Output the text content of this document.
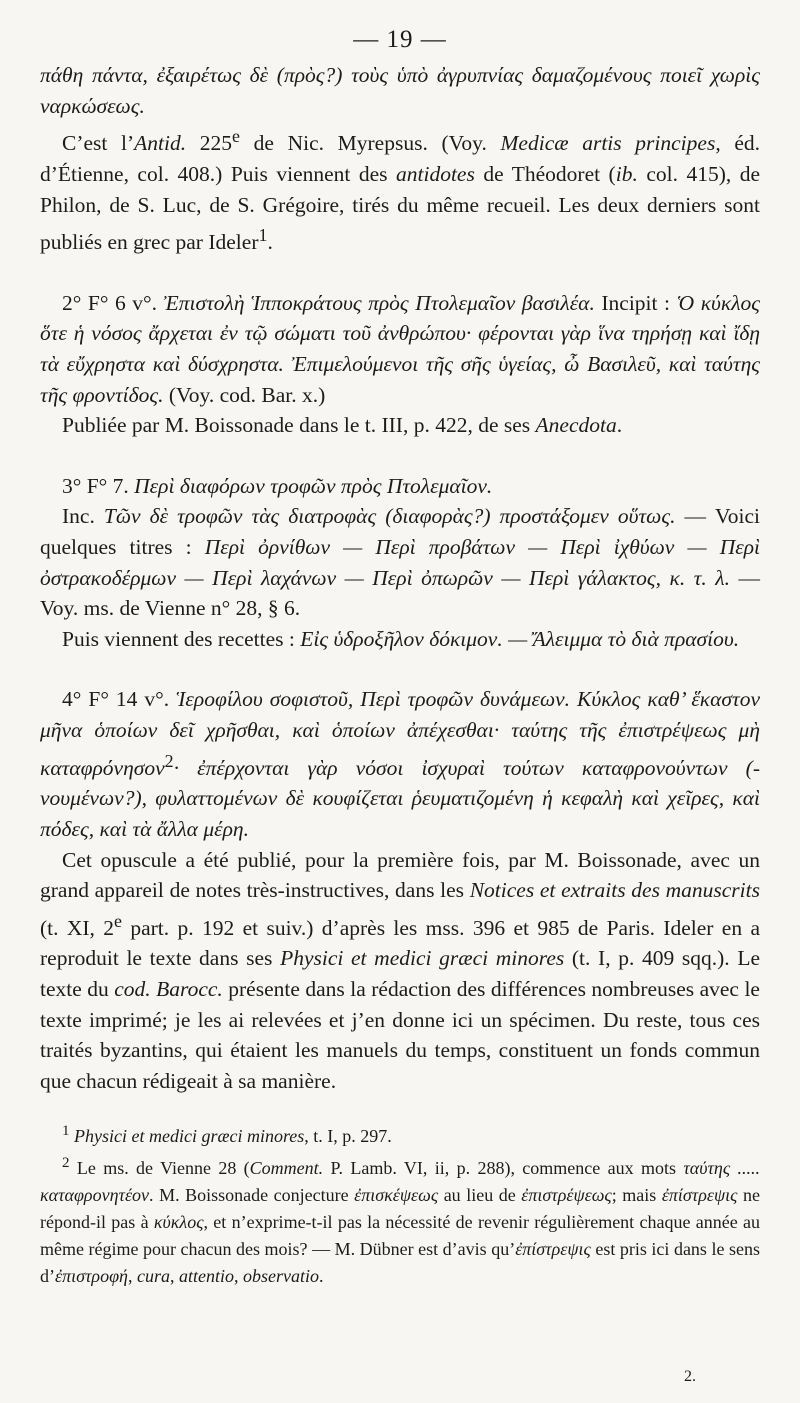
— 19 —

πάθη πάντα, ἐξαιρέτως δὲ (πρὸς?) τοὺς ὑπὸ ἀγρυπνίας δαμαζομένους ποιεῖ χωρὶς ναρκώσεως.

C’est l’Antid. 225e de Nic. Myrepsus. (Voy. Medicæ artis principes, éd. d’Étienne, col. 408.) Puis viennent des antidotes de Théodoret (ib. col. 415), de Philon, de S. Luc, de S. Grégoire, tirés du même recueil. Les deux derniers sont publiés en grec par Ideler$^1$.

2° F° 6 v°. Ἐπιστολὴ Ἱπποκράτους πρὸς Πτολεμαῖον βασιλέα. Incipit : Ὁ κύκλος ὅτε ἡ νόσος ἄρχεται ἐν τῷ σώματι τοῦ ἀνθρώπου· φέρονται γὰρ ἵνα τηρήσῃ καὶ ἴδῃ τὰ εὔχρηστα καὶ δύσχρηστα. Ἐπιμελούμενοι τῆς σῆς ὑγείας, ὦ Βασιλεῦ, καὶ ταύτης τῆς φροντίδος. (Voy. cod. Bar. x.)

Publiée par M. Boissonade dans le t. III, p. 422, de ses Anecdota.

3° F° 7. Περὶ διαφόρων τροφῶν πρὸς Πτολεμαῖον.

Inc. Τῶν δὲ τροφῶν τὰς διατροφὰς (διαφορὰς?) προστάξομεν οὕτως. — Voici quelques titres : Περὶ ὀρνίθων — Περὶ προβάτων — Περὶ ἰχθύων — Περὶ ὀστρακοδέρμων — Περὶ λαχάνων — Περὶ ὀπωρῶν — Περὶ γάλακτος, κ. τ. λ. — Voy. ms. de Vienne n° 28, § 6.

Puis viennent des recettes : Εἰς ὑδροξῆλον δόκιμον. — Ἄλειμμα τὸ διὰ πρασίου.

4° F° 14 v°. Ἱεροφίλου σοφιστοῦ, Περὶ τροφῶν δυνάμεων. Κύκλος καθ’ ἕκαστον μῆνα ὁποίων δεῖ χρῆσθαι, καὶ ὁποίων ἀπέχεσθαι· ταύτης τῆς ἐπιστρέψεως μὴ καταφρόνησον$^2$· ἐπέρχονται γὰρ νόσοι ἰσχυραὶ τούτων καταφρονούντων (-νουμένων?), φυλαττομένων δὲ κουφίζεται ῥευματιζομένη ἡ κεφαλὴ καὶ χεῖρες, καὶ πόδες, καὶ τὰ ἄλλα μέρη.

Cet opuscule a été publié, pour la première fois, par M. Boissonade, avec un grand appareil de notes très-instructives, dans les Notices et extraits des manuscrits (t. XI, 2e part. p. 192 et suiv.) d’après les mss. 396 et 985 de Paris. Ideler en a reproduit le texte dans ses Physici et medici græci minores (t. I, p. 409 sqq.). Le texte du cod. Barocc. présente dans la rédaction des différences nombreuses avec le texte imprimé; je les ai relevées et j’en donne ici un spécimen. Du reste, tous ces traités byzantins, qui étaient les manuels du temps, constituent un fonds commun que chacun rédigeait à sa manière.

$^1$ Physici et medici græci minores, t. I, p. 297.

$^2$ Le ms. de Vienne 28 (Comment. P. Lamb. VI, ii, p. 288), commence aux mots ταύτης ..... καταφρονητέον. M. Boissonade conjecture ἐπισκέψεως au lieu de ἐπιστρέψεως; mais ἐπίστρεψις ne répond-il pas à κύκλος, et n’exprime-t-il pas la nécessité de revenir régulièrement chaque année au même régime pour chacun des mois? — M. Dübner est d’avis qu’ἐπίστρεψις est pris ici dans le sens d’ἐπιστροφή, cura, attentio, observatio.

2.
